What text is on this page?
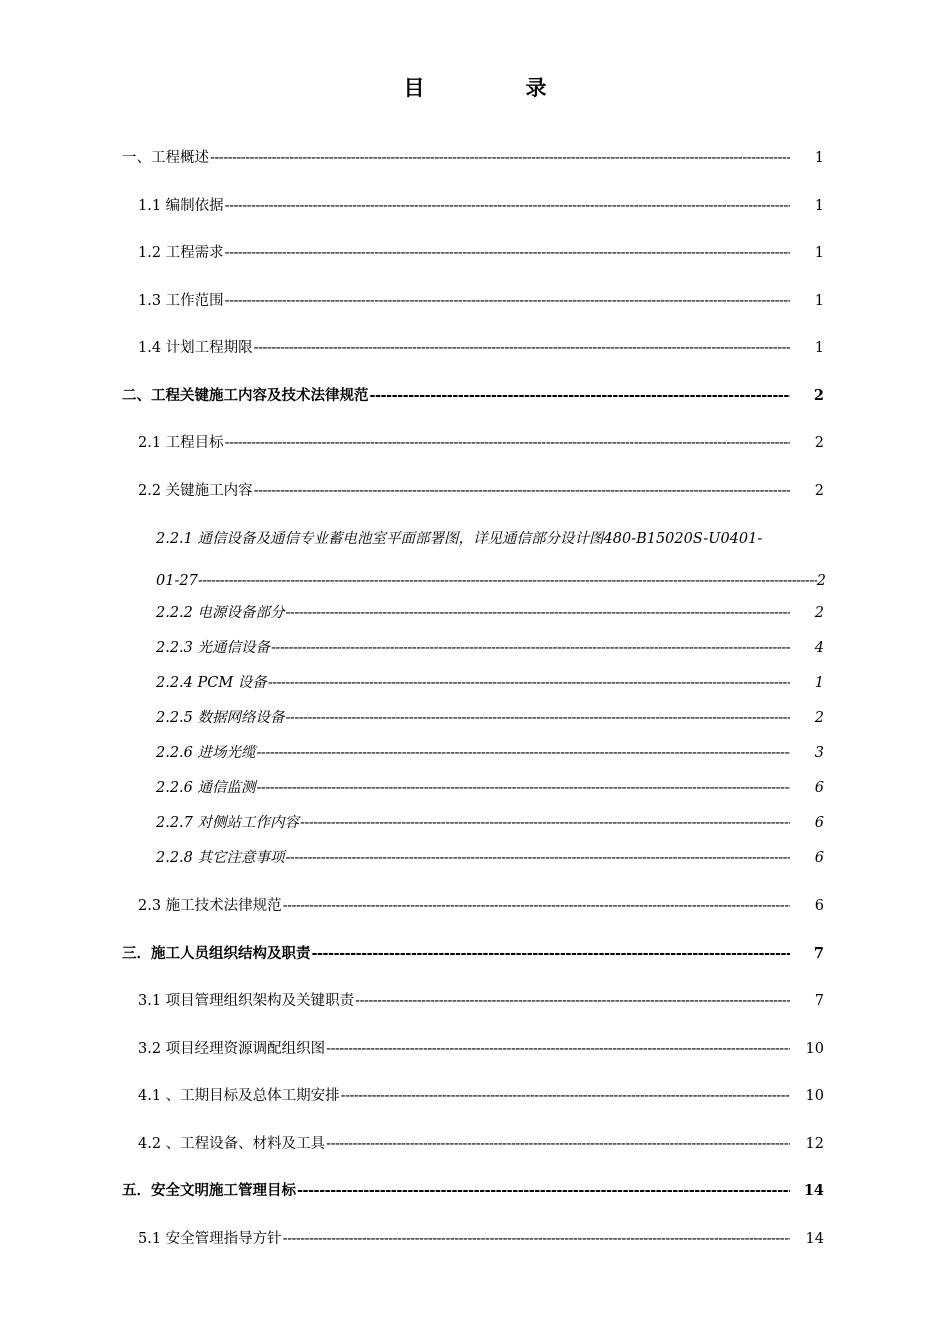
目　录
一、工程概述 -----	1
1.1 编制依据 -----	1
1.2 工程需求 -----	1
1.3 工作范围 -----	1
1.4 计划工程期限 -----	1
二、工程关键施工内容及技术法律规范 -----	2
2.1 工程目标 -----	2
2.2 关键施工内容 -----	2
2.2.1 通信设备及通信专业蓄电池室平面部署图，详见通信部分设计图480-B15020S-U0401-
01-27 -----	2
2.2.2 电源设备部分 -----	2
2.2.3 光通信设备 -----	4
2.2.4 PCM 设备 -----	1
2.2.5 数据网络设备 -----	2
2.2.6 进场光缆 -----	3
2.2.6 通信监测 -----	6
2.2.7 对侧站工作内容 -----	6
2.2.8 其它注意事项 -----	6
2.3 施工技术法律规范 -----	6
三．施工人员组织结构及职责 -----	7
3.1 项目管理组织架构及关键职责 -----	7
3.2 项目经理资源调配组织图 -----	10
4.1 、工期目标及总体工期安排 -----	10
4.2 、工程设备、材料及工具 -----	12
五．安全文明施工管理目标 -----	14
5.1 安全管理指导方针 -----	14
